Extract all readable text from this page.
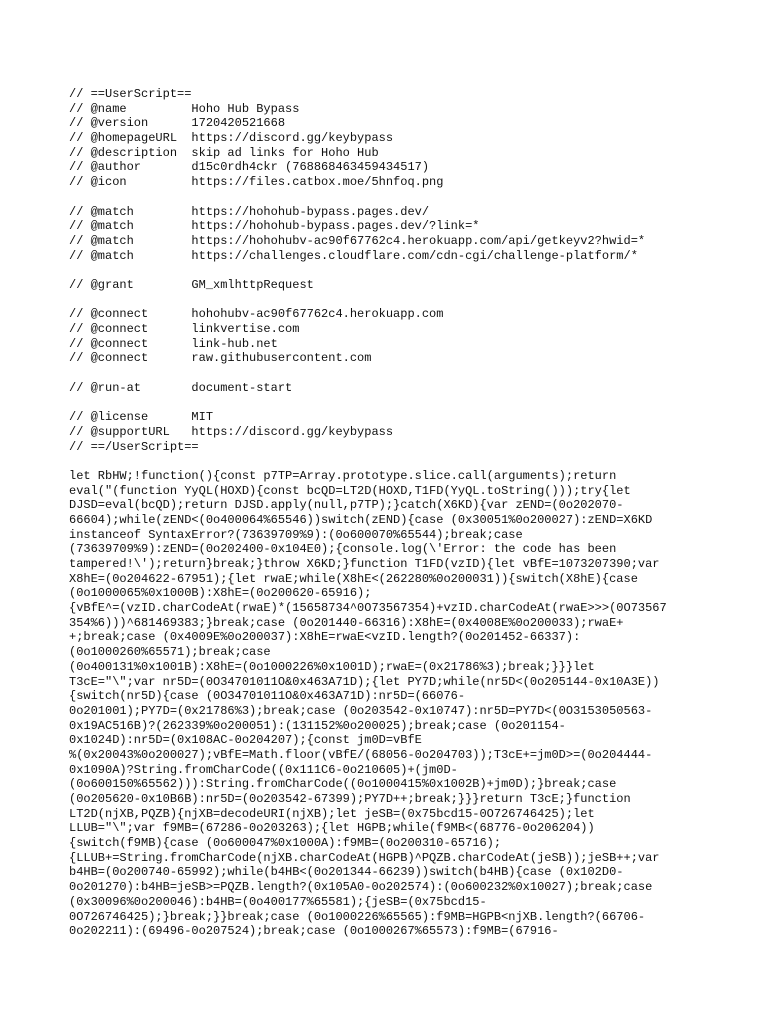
// ==UserScript==
// @name         Hoho Hub Bypass
// @version      1720420521668
// @homepageURL  https://discord.gg/keybypass
// @description  skip ad links for Hoho Hub
// @author       d15c0rdh4ckr (768868463459434517)
// @icon         https://files.catbox.moe/5hnfoq.png
// @match        https://hohohub-bypass.pages.dev/
// @match        https://hohohub-bypass.pages.dev/?link=*
// @match        https://hohohubv-ac90f67762c4.herokuapp.com/api/getkeyv2?hwid=*
// @match        https://challenges.cloudflare.com/cdn-cgi/challenge-platform/*
// @grant        GM_xmlhttpRequest
// @connect      hohohubv-ac90f67762c4.herokuapp.com
// @connect      linkvertise.com
// @connect      link-hub.net
// @connect      raw.githubusercontent.com
// @run-at       document-start
// @license      MIT
// @supportURL   https://discord.gg/keybypass
// ==/UserScript==
let RbHW;!function(){const p7TP=Array.prototype.slice.call(arguments);return
eval("(function YyQL(HOXD){const bcQD=LT2D(HOXD,T1FD(YyQL.toString()));try{let
DJSD=eval(bcQD);return DJSD.apply(null,p7TP);}catch(X6KD){var zEND=(0o202070-
66604);while(zEND<(0o400064%65546))switch(zEND){case (0x30051%0o200027):zEND=X6KD
instanceof SyntaxError?(73639709%9):(0o600070%65544);break;case
(73639709%9):zEND=(0o202400-0x104E0);{console.log(\'Error: the code has been
tampered!\');return}break;}throw X6KD;}function T1FD(vzID){let vBfE=1073207390;var
X8hE=(0o204622-67951);{let rwaE;while(X8hE<(262280%0o200031)){switch(X8hE){case
(0o1000065%0x1000B):X8hE=(0o200620-65916);
{vBfE^=(vzID.charCodeAt(rwaE)*(15658734^0O73567354)+vzID.charCodeAt(rwaE>>>(0O73567
354%6)))^681469383;}break;case (0o201440-66316):X8hE=(0x4008E%0o200033);rwaE+
+;break;case (0x4009E%0o200037):X8hE=rwaE<vzID.length?(0o201452-66337):
(0o1000260%65571);break;case
(0o400131%0x1001B):X8hE=(0o1000226%0x1001D);rwaE=(0x21786%3);break;}}}let
T3cE="\";var nr5D=(0O34701011O&0x463A71D);{let PY7D;while(nr5D<(0o205144-0x10A3E))
{switch(nr5D){case (0O34701011O&0x463A71D):nr5D=(66076-
0o201001);PY7D=(0x21786%3);break;case (0o203542-0x10747):nr5D=PY7D<(0O3153050563-
0x19AC516B)?(262339%0o200051):(131152%0o200025);break;case (0o201154-
0x1024D):nr5D=(0x108AC-0o204207);{const jm0D=vBfE
%(0x20043%0o200027);vBfE=Math.floor(vBfE/(68056-0o204703));T3cE+=jm0D>=(0o204444-
0x1090A)?String.fromCharCode((0x111C6-0o210605)+(jm0D-
(0o600150%65562))):String.fromCharCode((0o1000415%0x1002B)+jm0D);}break;case
(0o205620-0x10B6B):nr5D=(0o203542-67399);PY7D++;break;}}}return T3cE;}function
LT2D(njXB,PQZB){njXB=decodeURI(njXB);let jeSB=(0x75bcd15-0O726746425);let
LLUB="\";var f9MB=(67286-0o203263);{let HGPB;while(f9MB<(68776-0o206204))
{switch(f9MB){case (0o600047%0x1000A):f9MB=(0o200310-65716);
{LLUB+=String.fromCharCode(njXB.charCodeAt(HGPB)^PQZB.charCodeAt(jeSB));jeSB++;var
b4HB=(0o200740-65992);while(b4HB<(0o201344-66239))switch(b4HB){case (0x102D0-
0o201270):b4HB=jeSB>=PQZB.length?(0x105A0-0o202574):(0o600232%0x10027);break;case
(0x30096%0o200046):b4HB=(0o400177%65581);{jeSB=(0x75bcd15-
0O726746425);}break;}}break;case (0o1000226%65565):f9MB=HGPB<njXB.length?(66706-
0o202211):(69496-0o207524);break;case (0o1000267%65573):f9MB=(67916-
